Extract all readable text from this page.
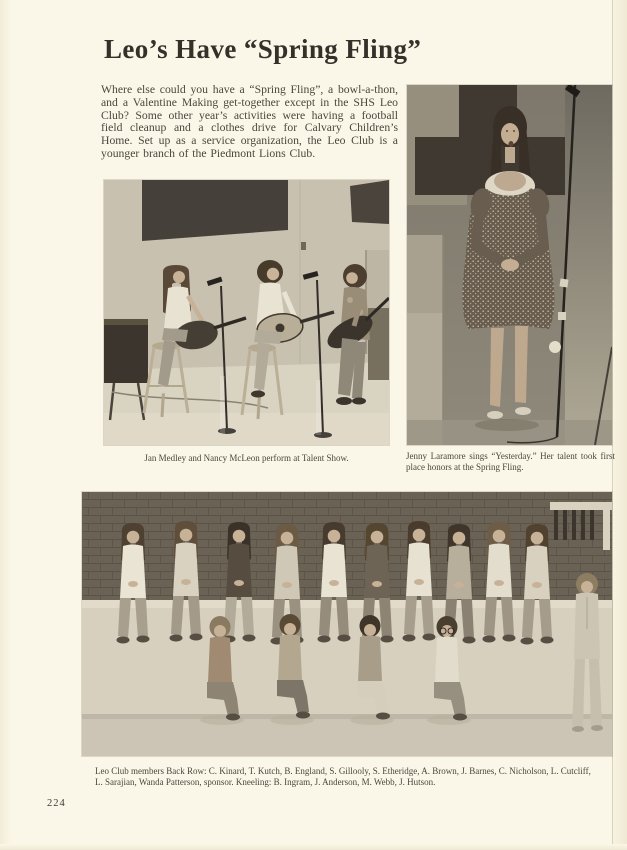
Leo’s Have “Spring Fling”

Where else could you have a “Spring Fling”, a bowl-a-thon, and a Valentine Making get-together except in the SHS Leo Club? Some other year’s activities were having a football field cleanup and a clothes drive for Calvary Children’s Home. Set up as a service organization, the Leo Club is a younger branch of the Piedmont Lions Club.

Jan Medley and Nancy McLeon perform at Talent Show.	Jenny Laramore sings “Yesterday.” Her talent took first place honors at the Spring Fling.

Leo Club members Back Row: C. Kinard, T. Kutch, B. England, S. Gillooly, S. Etheridge, A. Brown, J. Barnes, C. Nicholson, L. Cutcliff, L. Sarajian, Wanda Patterson, sponsor. Kneeling: B. Ingram, J. Anderson, M. Webb, J. Hutson.

224
